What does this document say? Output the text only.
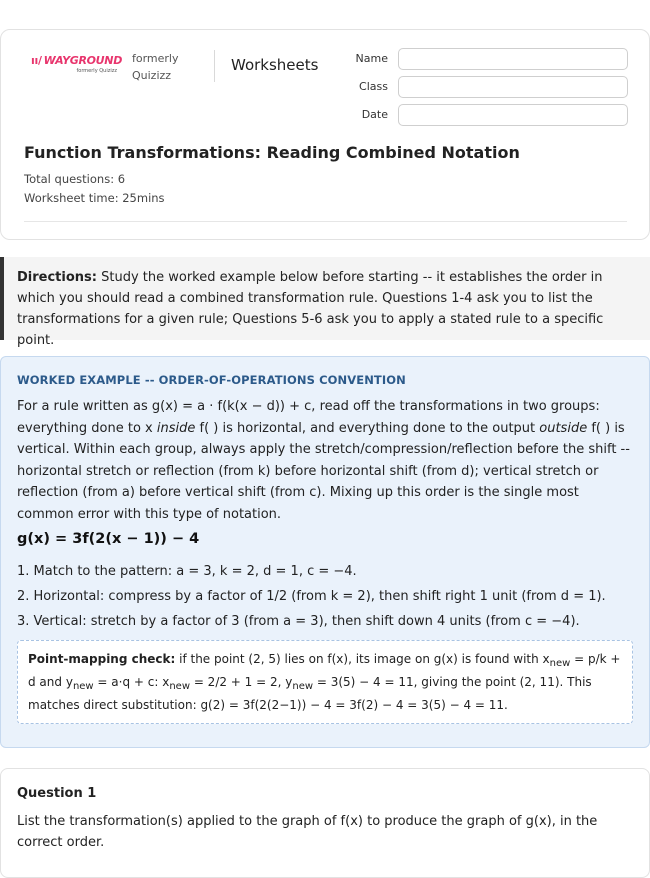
ıı/ WAYGROUND
formerly Quizizz
formerly
Quizizz
Worksheets	Name
Class
Date
Function Transformations: Reading Combined Notation
Total questions: 6
Worksheet time: 25mins
Directions: Study the worked example below before starting -- it establishes the order in which you should read a combined transformation rule. Questions 1-4 ask you to list the transformations for a given rule; Questions 5-6 ask you to apply a stated rule to a specific point.
WORKED EXAMPLE -- ORDER-OF-OPERATIONS CONVENTION
For a rule written as g(x) = a · f(k(x − d)) + c, read off the transformations in two groups: everything done to x inside f( ) is horizontal, and everything done to the output outside f( ) is vertical. Within each group, always apply the stretch/compression/reflection before the shift -- horizontal stretch or reflection (from k) before horizontal shift (from d); vertical stretch or reflection (from a) before vertical shift (from c). Mixing up this order is the single most common error with this type of notation.
g(x) = 3f(2(x − 1)) − 4
1. Match to the pattern: a = 3, k = 2, d = 1, c = −4.
2. Horizontal: compress by a factor of 1/2 (from k = 2), then shift right 1 unit (from d = 1).
3. Vertical: stretch by a factor of 3 (from a = 3), then shift down 4 units (from c = −4).
Point-mapping check: if the point (2, 5) lies on f(x), its image on g(x) is found with $x_{new} = p/k + d$ and $y_{new} = a\cdot q + c$: $x_{new} = 2/2 + 1 = 2$, $y_{new} = 3(5) - 4 = 11$, giving the point (2, 11). This matches direct substitution: g(2) = 3f(2(2−1)) − 4 = 3f(2) − 4 = 3(5) − 4 = 11.
Question 1
List the transformation(s) applied to the graph of f(x) to produce the graph of g(x), in the correct order.
